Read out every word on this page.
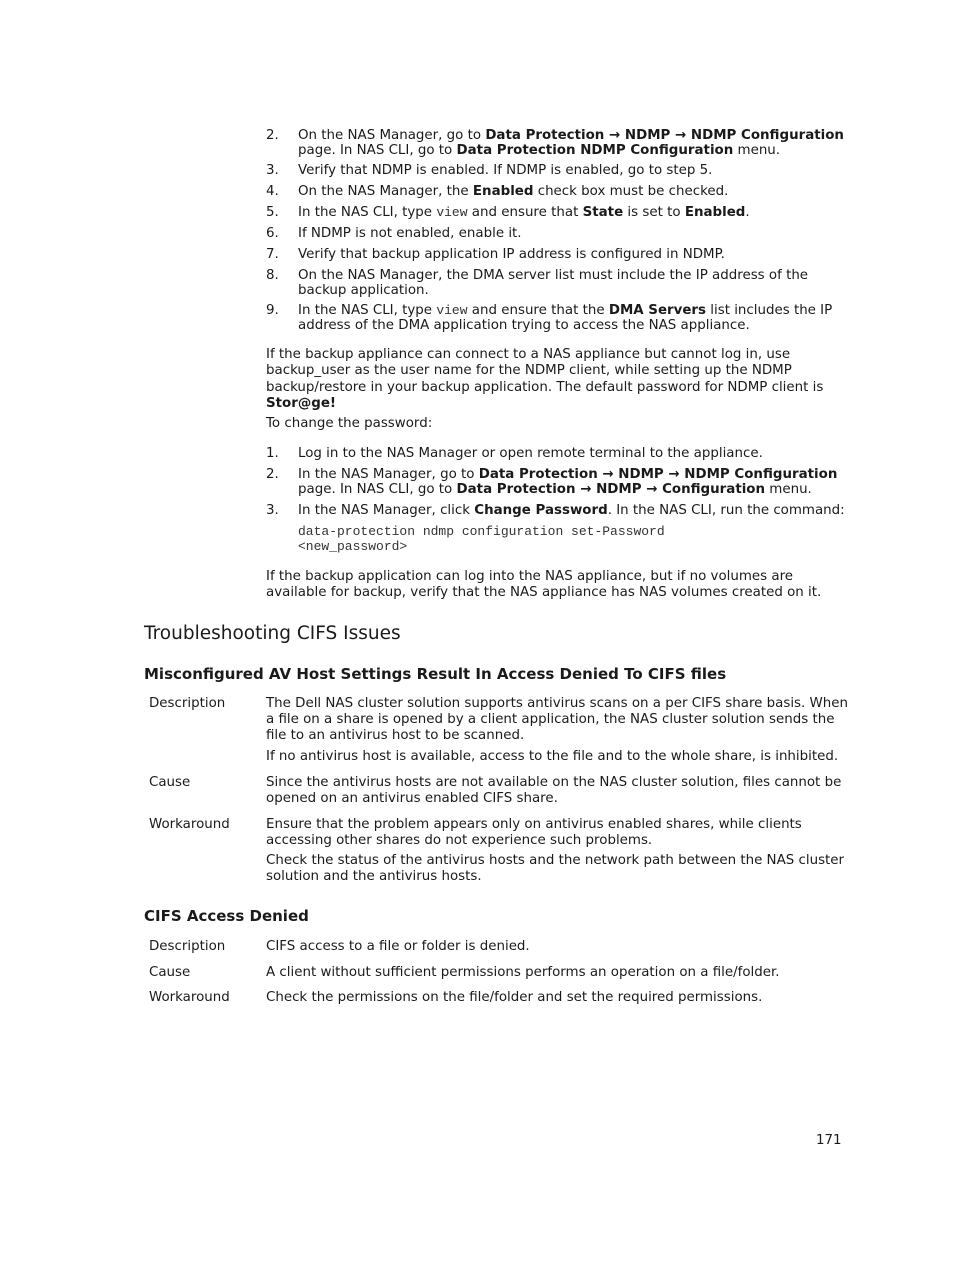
2. On the NAS Manager, go to Data Protection → NDMP → NDMP Configuration
page. In NAS CLI, go to Data Protection NDMP Configuration menu.
3. Verify that NDMP is enabled. If NDMP is enabled, go to step 5.
4. On the NAS Manager, the Enabled check box must be checked.
5. In the NAS CLI, type view and ensure that State is set to Enabled.
6. If NDMP is not enabled, enable it.
7. Verify that backup application IP address is configured in NDMP.
8. On the NAS Manager, the DMA server list must include the IP address of the
backup application.
9. In the NAS CLI, type view and ensure that the DMA Servers list includes the IP
address of the DMA application trying to access the NAS appliance.
If the backup appliance can connect to a NAS appliance but cannot log in, use
backup_user as the user name for the NDMP client, while setting up the NDMP
backup/restore in your backup application. The default password for NDMP client is
Stor@ge!
To change the password:
1. Log in to the NAS Manager or open remote terminal to the appliance.
2. In the NAS Manager, go to Data Protection → NDMP → NDMP Configuration
page. In NAS CLI, go to Data Protection → NDMP → Configuration menu.
3. In the NAS Manager, click Change Password. In the NAS CLI, run the command:
data-protection ndmp configuration set-Password
<new_password>
If the backup application can log into the NAS appliance, but if no volumes are
available for backup, verify that the NAS appliance has NAS volumes created on it.
Troubleshooting CIFS Issues
Misconfigured AV Host Settings Result In Access Denied To CIFS files
Description	The Dell NAS cluster solution supports antivirus scans on a per CIFS share basis. When
a file on a share is opened by a client application, the NAS cluster solution sends the
file to an antivirus host to be scanned.
If no antivirus host is available, access to the file and to the whole share, is inhibited.
Cause	Since the antivirus hosts are not available on the NAS cluster solution, files cannot be
opened on an antivirus enabled CIFS share.
Workaround	Ensure that the problem appears only on antivirus enabled shares, while clients
accessing other shares do not experience such problems.
Check the status of the antivirus hosts and the network path between the NAS cluster
solution and the antivirus hosts.
CIFS Access Denied
Description	CIFS access to a file or folder is denied.
Cause	A client without sufficient permissions performs an operation on a file/folder.
Workaround	Check the permissions on the file/folder and set the required permissions.
171
